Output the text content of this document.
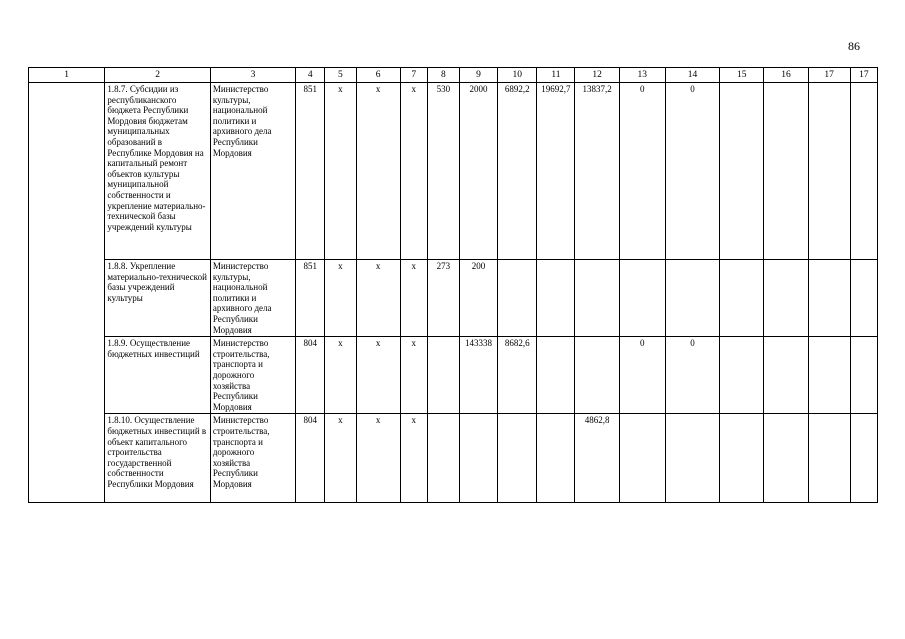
86
1	2	3	4	5	6	7	8	9	10	11	12	13	14	15	16	17	17
	1.8.7. Субсидии из республиканского бюджета Республики Мордовия бюджетам муниципальных образований в Республике Мордовия на капитальный ремонт объектов культуры муниципальной собственности и укрепление материально-технической базы учреждений культуры	Министерство культуры, национальной политики и архивного дела Республики Мордовия	851	x	x	x	530	2000	6892,2	19692,7	13837,2	0	0				
	1.8.8. Укрепление материально-технической базы учреждений культуры	Министерство культуры, национальной политики и архивного дела Республики Мордовия	851	x	x	x	273	200									
	1.8.9. Осуществление бюджетных инвестиций	Министерство строительства, транспорта и дорожного хозяйства Республики Мордовия	804	x	x	x		143338	8682,6			0	0				
	1.8.10. Осуществление бюджетных инвестиций в объект капитального строительства государственной собственности Республики Мордовия	Министерство строительства, транспорта и дорожного хозяйства Республики Мордовия	804	x	x	x					4862,8						
